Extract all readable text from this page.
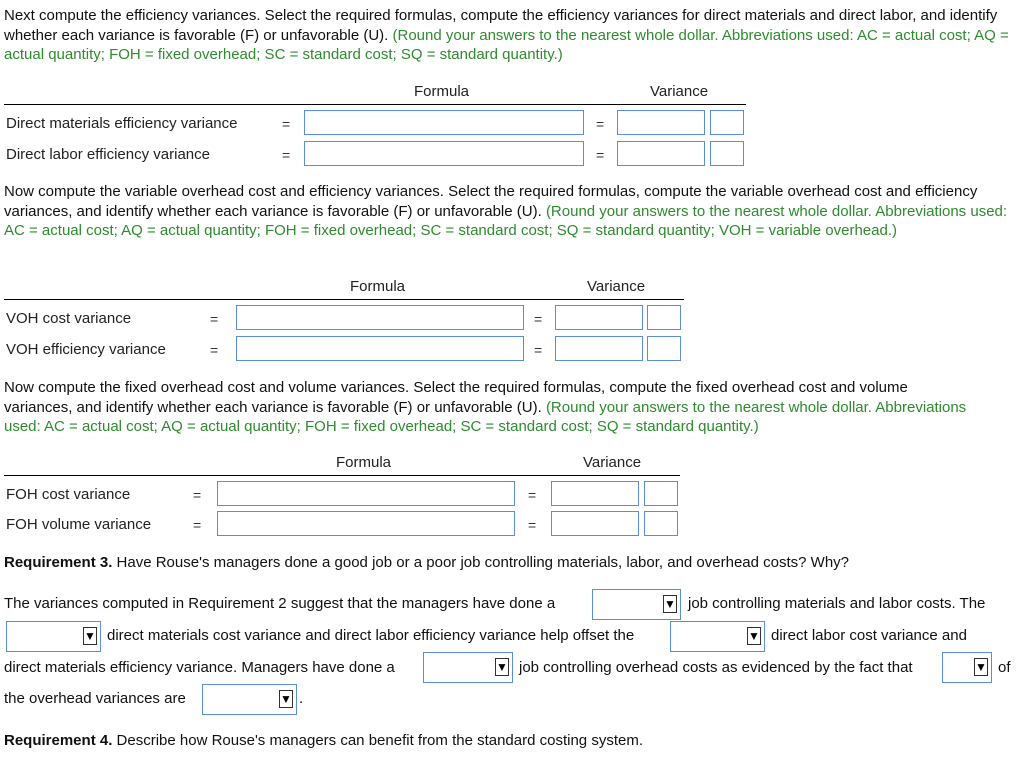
Next compute the efficiency variances. Select the required formulas, compute the efficiency variances for direct materials and direct labor, and identify whether each variance is favorable (F) or unfavorable (U). (Round your answers to the nearest whole dollar. Abbreviations used: AC = actual cost; AQ = actual quantity; FOH = fixed overhead; SC = standard cost; SQ = standard quantity.)

Formula	Variance
Direct materials efficiency variance	=	=
Direct labor efficiency variance	=	=

Now compute the variable overhead cost and efficiency variances. Select the required formulas, compute the variable overhead cost and efficiency variances, and identify whether each variance is favorable (F) or unfavorable (U). (Round your answers to the nearest whole dollar. Abbreviations used: AC = actual cost; AQ = actual quantity; FOH = fixed overhead; SC = standard cost; SQ = standard quantity; VOH = variable overhead.)

Formula	Variance
VOH cost variance	=	=
VOH efficiency variance	=	=

Now compute the fixed overhead cost and volume variances. Select the required formulas, compute the fixed overhead cost and volume variances, and identify whether each variance is favorable (F) or unfavorable (U). (Round your answers to the nearest whole dollar. Abbreviations used: AC = actual cost; AQ = actual quantity; FOH = fixed overhead; SC = standard cost; SQ = standard quantity.)

Formula	Variance
FOH cost variance	=	=
FOH volume variance	=	=
Requirement 3. Have Rouse's managers done a good job or a poor job controlling materials, labor, and overhead costs? Why?
The variances computed in Requirement 2 suggest that the managers have done a	▼ job controlling materials and labor costs. The
▼ direct materials cost variance and direct labor efficiency variance help offset the	▼ direct labor cost variance and
direct materials efficiency variance. Managers have done a	▼ job controlling overhead costs as evidenced by the fact that	▼ of
the overhead variances are	▼ .
Requirement 4. Describe how Rouse's managers can benefit from the standard costing system.
